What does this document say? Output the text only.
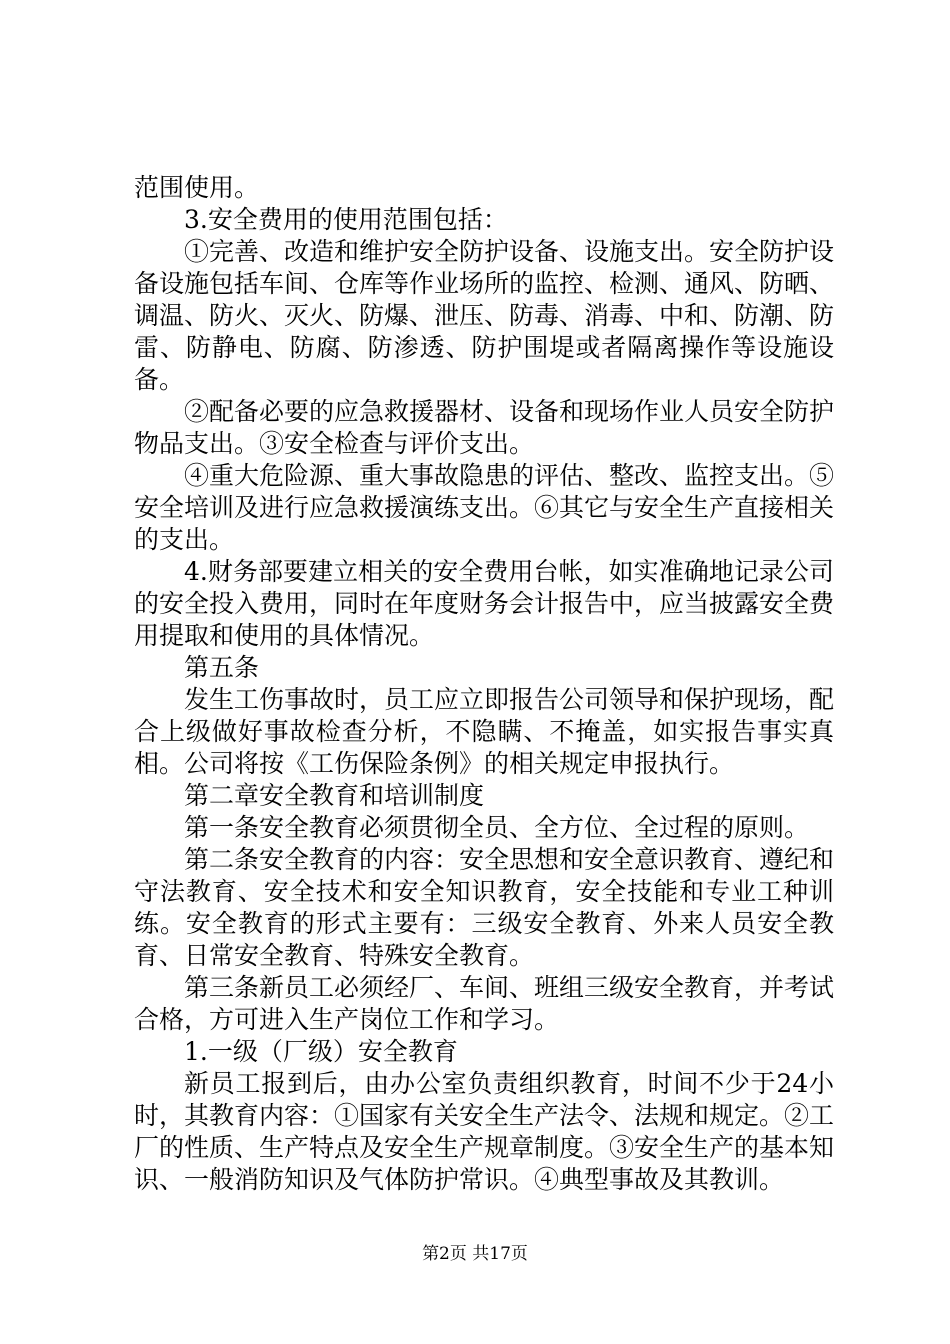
范围使用。

3.安全费用的使用范围包括：

①完善、改造和维护安全防护设备、设施支出。安全防护设备设施包括车间、仓库等作业场所的监控、检测、通风、防晒、调温、防火、灭火、防爆、泄压、防毒、消毒、中和、防潮、防雷、防静电、防腐、防渗透、防护围堤或者隔离操作等设施设备。

②配备必要的应急救援器材、设备和现场作业人员安全防护物品支出。③安全检查与评价支出。

④重大危险源、重大事故隐患的评估、整改、监控支出。⑤安全培训及进行应急救援演练支出。⑥其它与安全生产直接相关的支出。

4.财务部要建立相关的安全费用台帐，如实准确地记录公司的安全投入费用，同时在年度财务会计报告中，应当披露安全费用提取和使用的具体情况。

第五条

发生工伤事故时，员工应立即报告公司领导和保护现场，配合上级做好事故检查分析，不隐瞒、不掩盖，如实报告事实真相。公司将按《工伤保险条例》的相关规定申报执行。

第二章安全教育和培训制度

第一条安全教育必须贯彻全员、全方位、全过程的原则。

第二条安全教育的内容：安全思想和安全意识教育、遵纪和守法教育、安全技术和安全知识教育，安全技能和专业工种训练。安全教育的形式主要有：三级安全教育、外来人员安全教育、日常安全教育、特殊安全教育。

第三条新员工必须经厂、车间、班组三级安全教育，并考试合格，方可进入生产岗位工作和学习。

1.一级（厂级）安全教育

新员工报到后，由办公室负责组织教育，时间不少于24小时，其教育内容：①国家有关安全生产法令、法规和规定。②工厂的性质、生产特点及安全生产规章制度。③安全生产的基本知识、一般消防知识及气体防护常识。④典型事故及其教训。

第2页 共17页
